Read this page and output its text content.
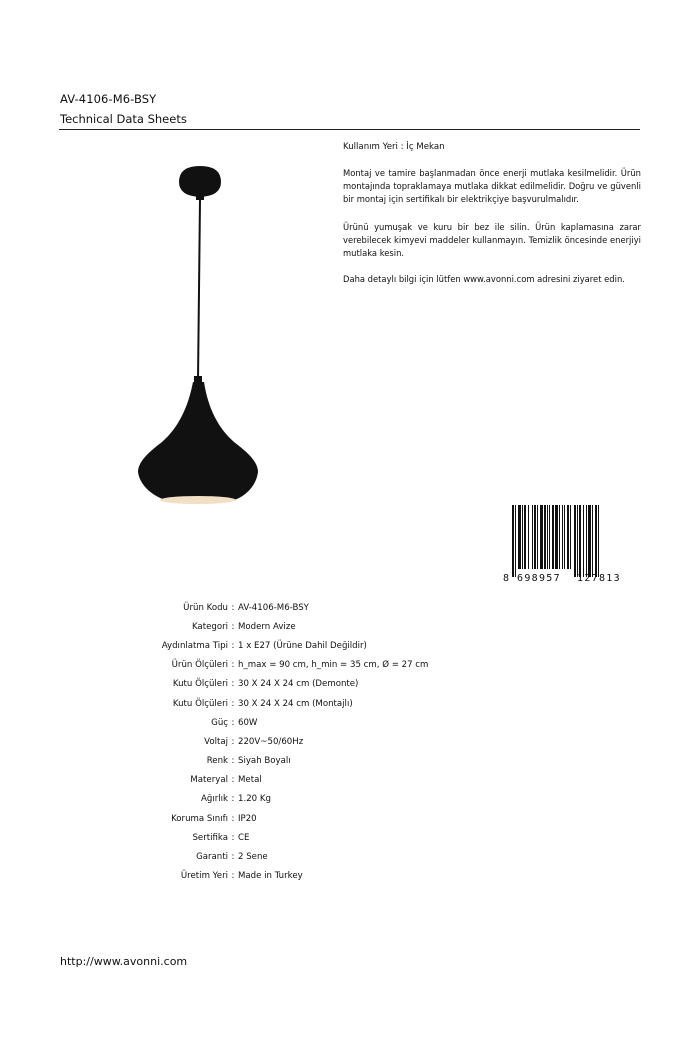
AV-4106-M6-BSY
Technical Data Sheets
Kullanım Yeri : İç Mekan

Montaj ve tamire başlanmadan önce enerji mutlaka kesilmelidir. Ürün montajında topraklamaya mutlaka dikkat edilmelidir. Doğru ve güvenli bir montaj için sertifikalı bir elektrikçiye başvurulmalıdır.

Ürünü yumuşak ve kuru bir bez ile silin. Ürün kaplamasına zarar verebilecek kimyevi maddeler kullanmayın. Temizlik öncesinde enerjiyi mutlaka kesin.

Daha detaylı bilgi için lütfen www.avonni.com adresini ziyaret edin.

8 698957 127813
Ürün Kodu : AV-4106-M6-BSY
Kategori : Modern Avize
Aydınlatma Tipi : 1 x E27 (Ürüne Dahil Değildir)
Ürün Ölçüleri : h_max = 90 cm, h_min = 35 cm, Ø = 27 cm
Kutu Ölçüleri : 30 X 24 X 24 cm (Demonte)
Kutu Ölçüleri : 30 X 24 X 24 cm (Montajlı)
Güç : 60W
Voltaj : 220V~50/60Hz
Renk : Siyah Boyalı
Materyal : Metal
Ağırlık : 1.20 Kg
Koruma Sınıfı : IP20
Sertifika : CE
Garanti : 2 Sene
Üretim Yeri : Made in Turkey
http://www.avonni.com
